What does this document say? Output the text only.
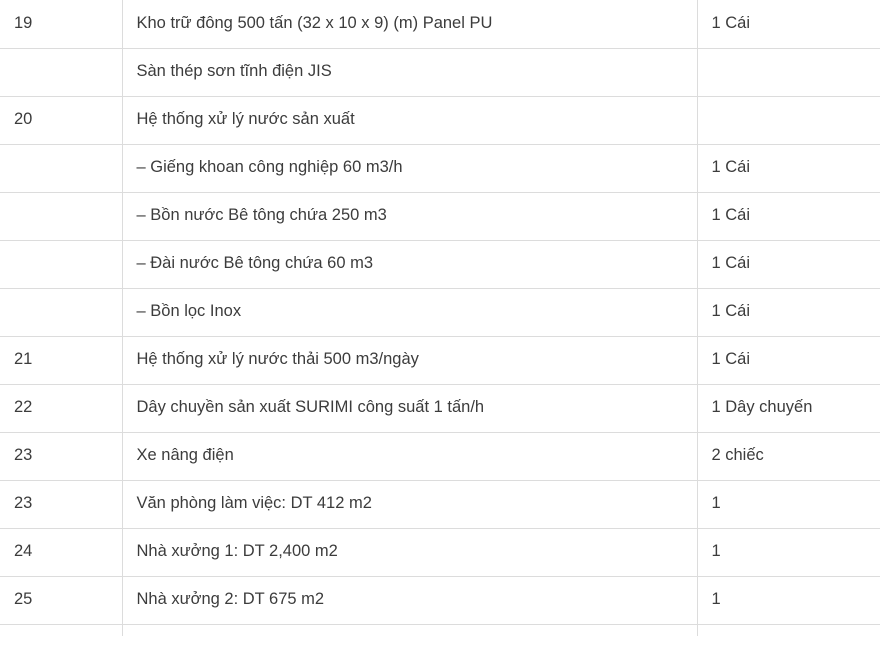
19	Kho trữ đông 500 tấn (32 x 10 x 9) (m) Panel PU	1 Cái
	Sàn thép sơn tĩnh điện JIS	
20	Hệ thống xử lý nước sản xuất	
	– Giếng khoan công nghiệp 60 m3/h	1 Cái
	– Bồn nước Bê tông chứa 250 m3	1 Cái
	– Đài nước Bê tông chứa 60 m3	1 Cái
	– Bồn lọc Inox	1 Cái
21	Hệ thống xử lý nước thải 500 m3/ngày	1 Cái
22	Dây chuyền sản xuất SURIMI công suất 1 tấn/h	1 Dây chuyến
23	Xe nâng điện	2 chiếc
23	Văn phòng làm việc: DT 412 m2	1
24	Nhà xưởng 1: DT 2,400 m2	1
25	Nhà xưởng 2: DT 675 m2	1
